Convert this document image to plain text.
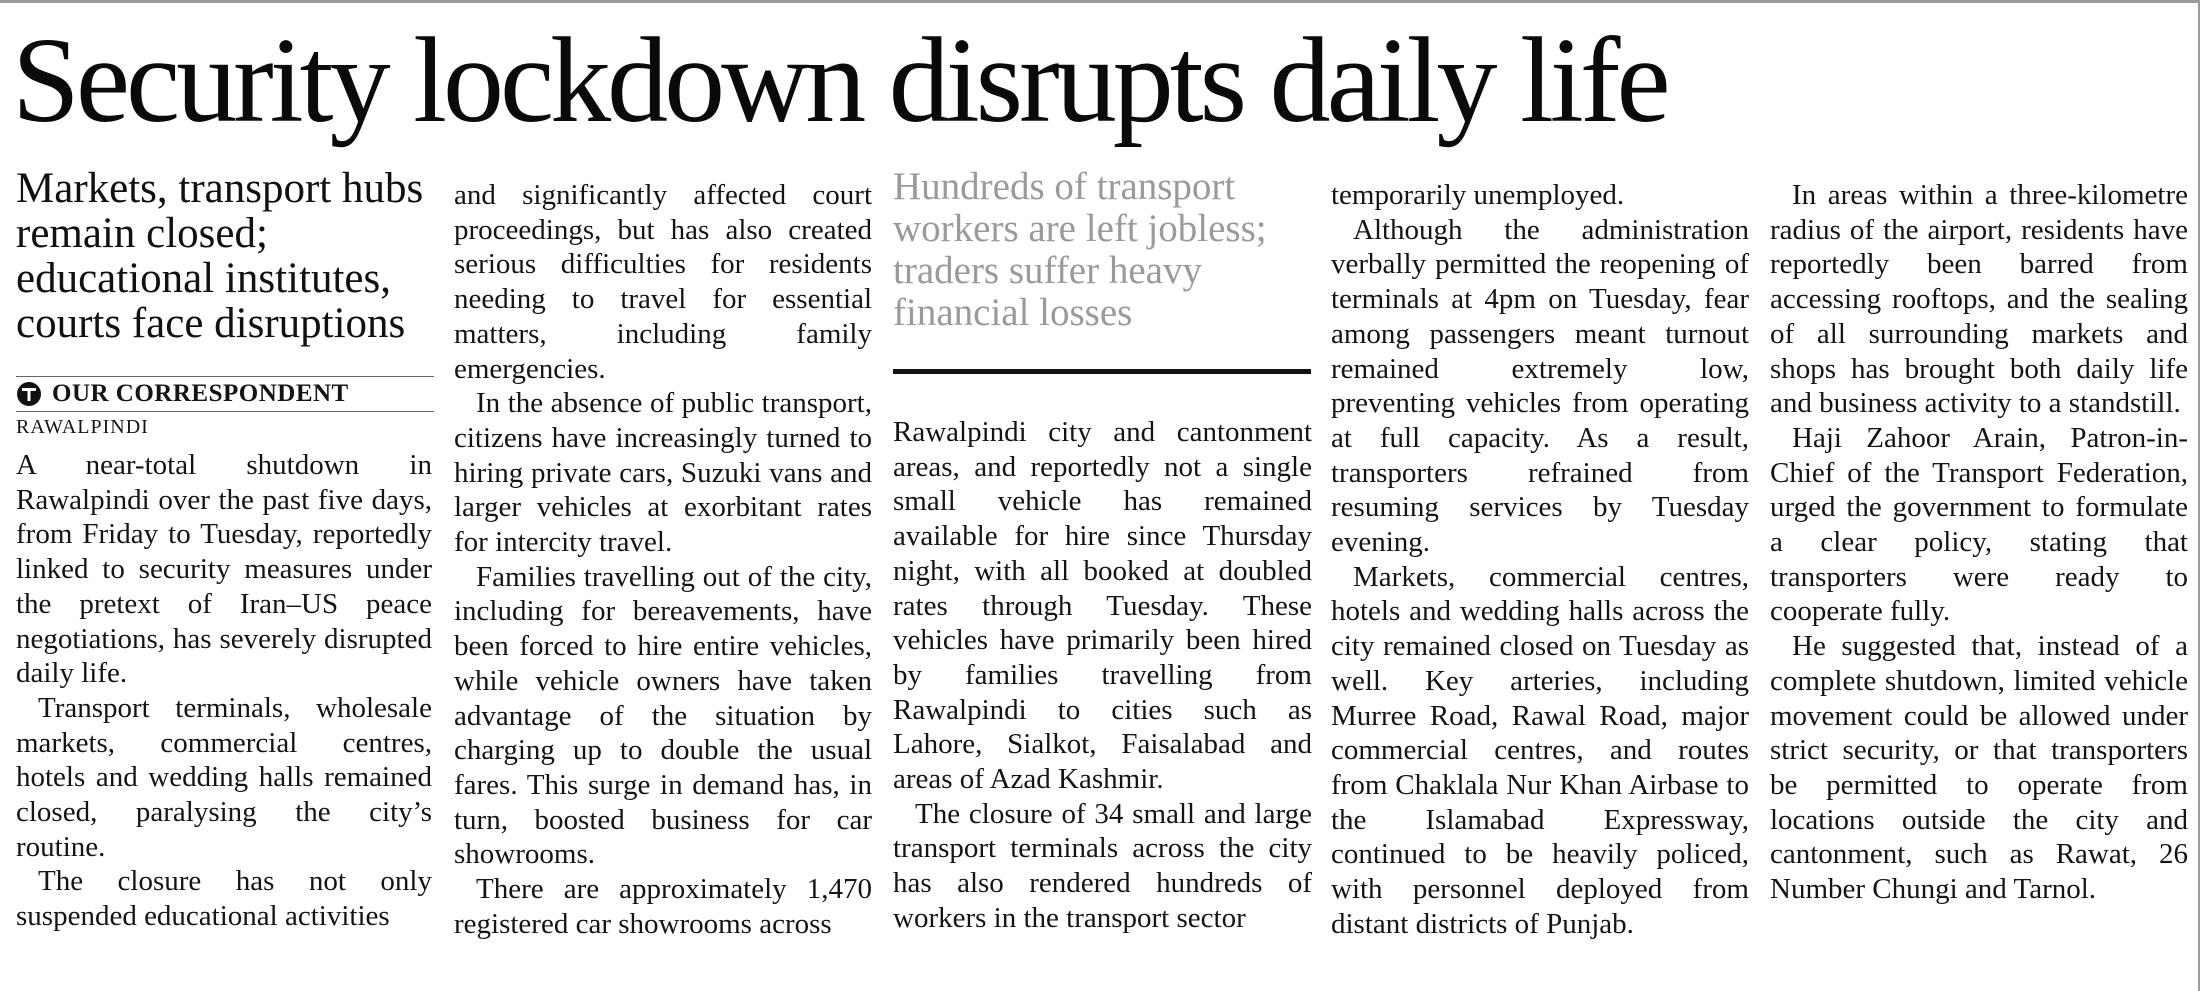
Security lockdown disrupts daily life
Markets, transport hubs remain closed; educational institutes, courts face disruptions
OUR CORRESPONDENT
RAWALPINDI

A near-total shutdown in Rawalpindi over the past five days, from Friday to Tuesday, reportedly linked to security measures under the pretext of Iran–US peace negotiations, has severely disrupted daily life.

Transport terminals, wholesale markets, commercial centres, hotels and wedding halls remained closed, paralysing the city’s routine.

The closure has not only suspended educational activities

and significantly affected court proceedings, but has also created serious difficulties for residents needing to travel for essential matters, including family emergencies.

In the absence of public transport, citizens have increasingly turned to hiring private cars, Suzuki vans and larger vehicles at exorbitant rates for intercity travel.

Families travelling out of the city, including for bereavements, have been forced to hire entire vehicles, while vehicle owners have taken advantage of the situation by charging up to double the usual fares. This surge in demand has, in turn, boosted business for car showrooms.

There are approximately 1,470 registered car showrooms across

Hundreds of transport workers are left jobless; traders suffer heavy financial losses

Rawalpindi city and cantonment areas, and reportedly not a single small vehicle has remained available for hire since Thursday night, with all booked at doubled rates through Tuesday. These vehicles have primarily been hired by families travelling from Rawalpindi to cities such as Lahore, Sialkot, Faisalabad and areas of Azad Kashmir.

The closure of 34 small and large transport terminals across the city has also rendered hundreds of workers in the transport sector

temporarily unemployed.

Although the administration verbally permitted the reopening of terminals at 4pm on Tuesday, fear among passengers meant turnout remained extremely low, preventing vehicles from operating at full capacity. As a result, transporters refrained from resuming services by Tuesday evening.

Markets, commercial centres, hotels and wedding halls across the city remained closed on Tuesday as well. Key arteries, including Murree Road, Rawal Road, major commercial centres, and routes from Chaklala Nur Khan Airbase to the Islamabad Expressway, continued to be heavily policed, with personnel deployed from distant districts of Punjab.

In areas within a three-kilometre radius of the airport, residents have reportedly been barred from accessing rooftops, and the sealing of all surrounding markets and shops has brought both daily life and business activity to a standstill.

Haji Zahoor Arain, Patron-in-Chief of the Transport Federation, urged the government to formulate a clear policy, stating that transporters were ready to cooperate fully.

He suggested that, instead of a complete shutdown, limited vehicle movement could be allowed under strict security, or that transporters be permitted to operate from locations outside the city and cantonment, such as Rawat, 26 Number Chungi and Tarnol.
